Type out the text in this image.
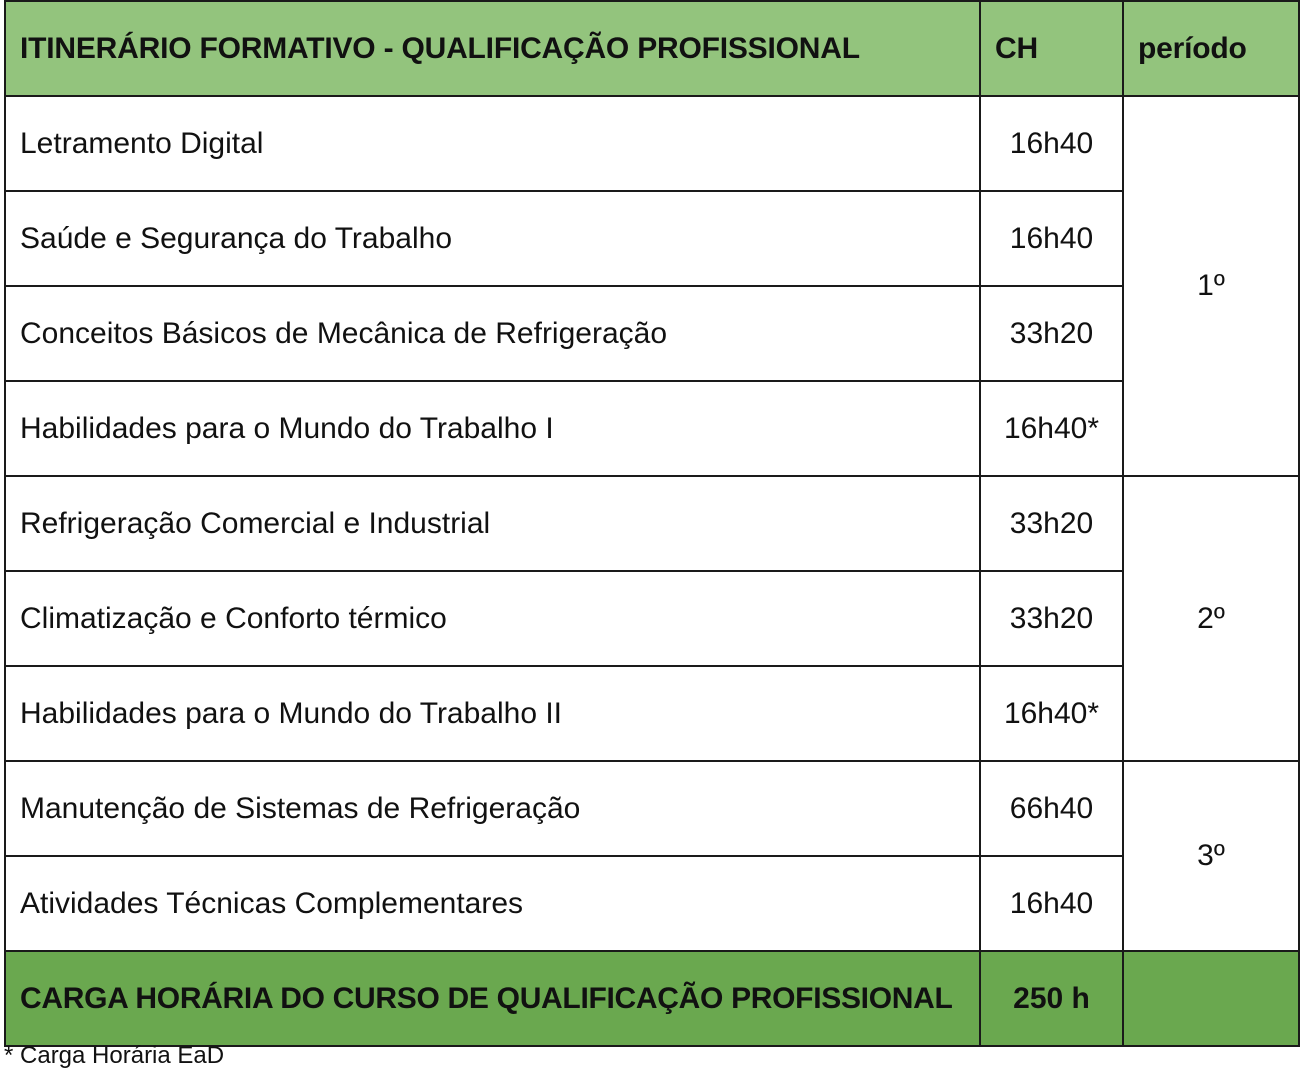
ITINERÁRIO FORMATIVO - QUALIFICAÇÃO PROFISSIONAL	CH	período
Letramento Digital	16h40	1º
Saúde e Segurança do Trabalho	16h40	
Conceitos Básicos de Mecânica de Refrigeração	33h20	
Habilidades para o Mundo do Trabalho I	16h40*	
Refrigeração Comercial e Industrial	33h20	2º
Climatização e Conforto térmico	33h20	
Habilidades para o Mundo do Trabalho II	16h40*	
Manutenção de Sistemas de Refrigeração	66h40	3º
Atividades Técnicas Complementares	16h40	
CARGA HORÁRIA DO CURSO DE QUALIFICAÇÃO PROFISSIONAL	250 h	
* Carga Horária EaD
